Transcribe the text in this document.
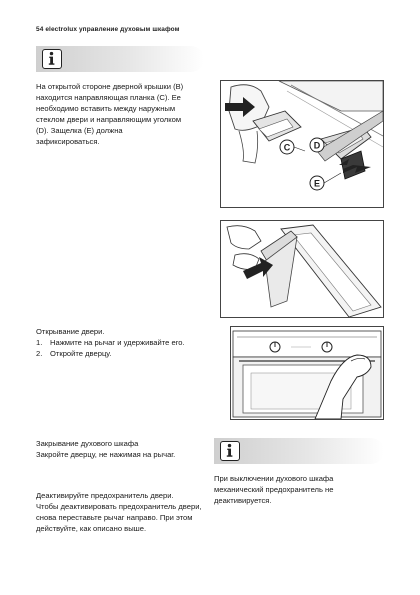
54 electrolux управление духовым шкафом
На открытой стороне дверной крышки (B) находится направляющая планка (C). Ее необходимо вставить между наружным стеклом двери и направляющим уголком (D). Защелка (E) должна зафиксироваться.
C	D
E

Открывание двери.

1. Нажмите на рычаг и удерживайте его.
2. Откройте дверцу.

Закрывание духового шкафа

Закройте дверцу, не нажимая на рычаг.

Деактивируйте предохранитель двери.

Чтобы деактивировать предохранитель двери, снова переставьте рычаг направо. При этом действуйте, как описано выше.

При выключении духового шкафа механический предохранитель не деактивируется.
